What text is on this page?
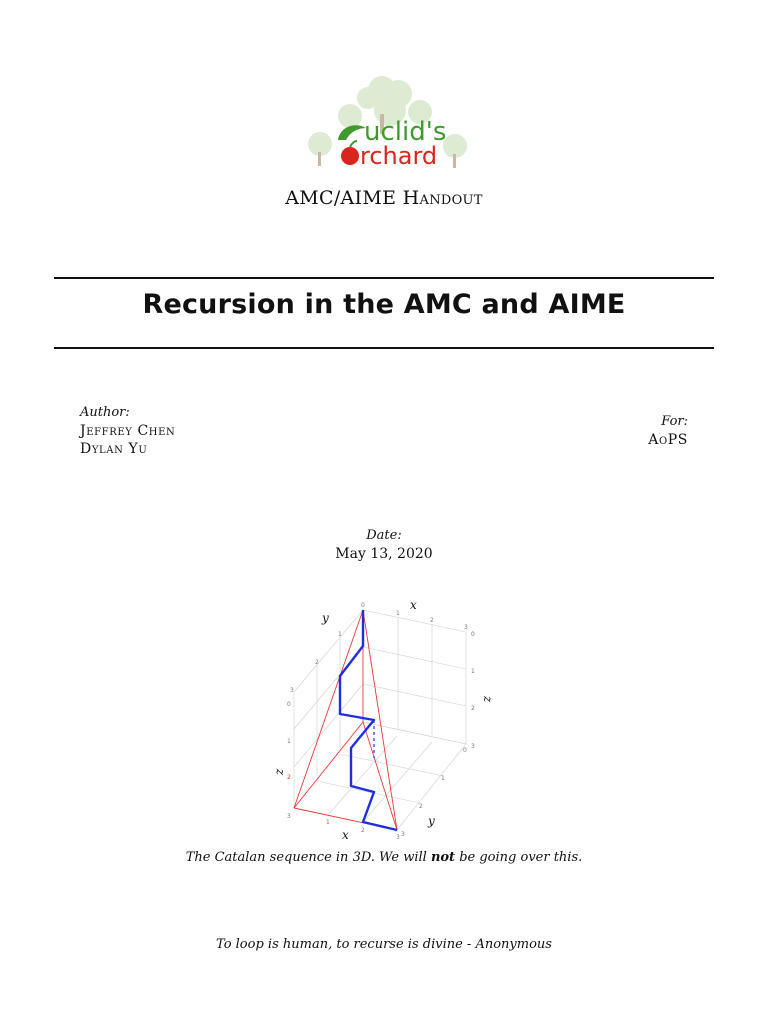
uclid's
rchard
AMC/AIME Handout
Recursion in the AMC and AIME
Author:
Jeffrey Chen
Dylan Yu
For:
AoPS
Date:
May 13, 2020
0
1
2
3
0
1
2
3
1
2
3
0
1
2
3
1
2
3
0
1
2
3
x
y
z
z
x
y
The Catalan sequence in 3D. We will not be going over this.
To loop is human, to recurse is divine - Anonymous
